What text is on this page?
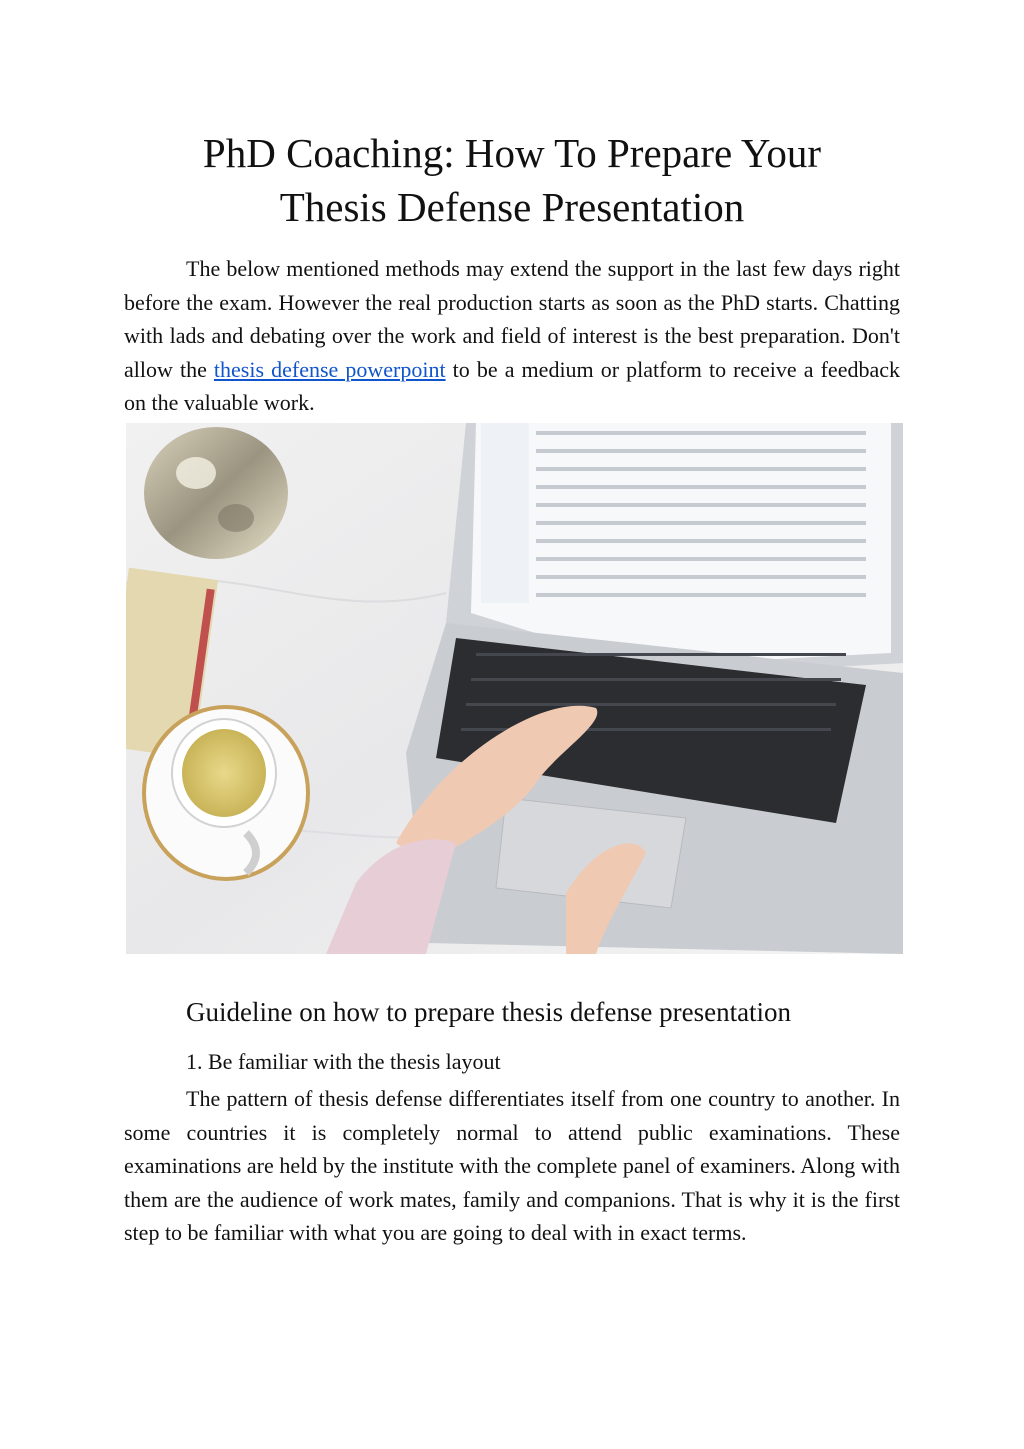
PhD Coaching: How To Prepare Your
Thesis Defense Presentation

The below mentioned methods may extend the support in the last few days right before the exam. However the real production starts as soon as the PhD starts. Chatting with lads and debating over the work and field of interest is the best preparation. Don't allow the thesis defense powerpoint to be a medium or platform to receive a feedback on the valuable work.

Guideline on how to prepare thesis defense presentation

1. Be familiar with the thesis layout

The pattern of thesis defense differentiates itself from one country to another. In some countries it is completely normal to attend public examinations. These examinations are held by the institute with the complete panel of examiners. Along with them are the audience of work mates, family and companions. That is why it is the first step to be familiar with what you are going to deal with in exact terms.
